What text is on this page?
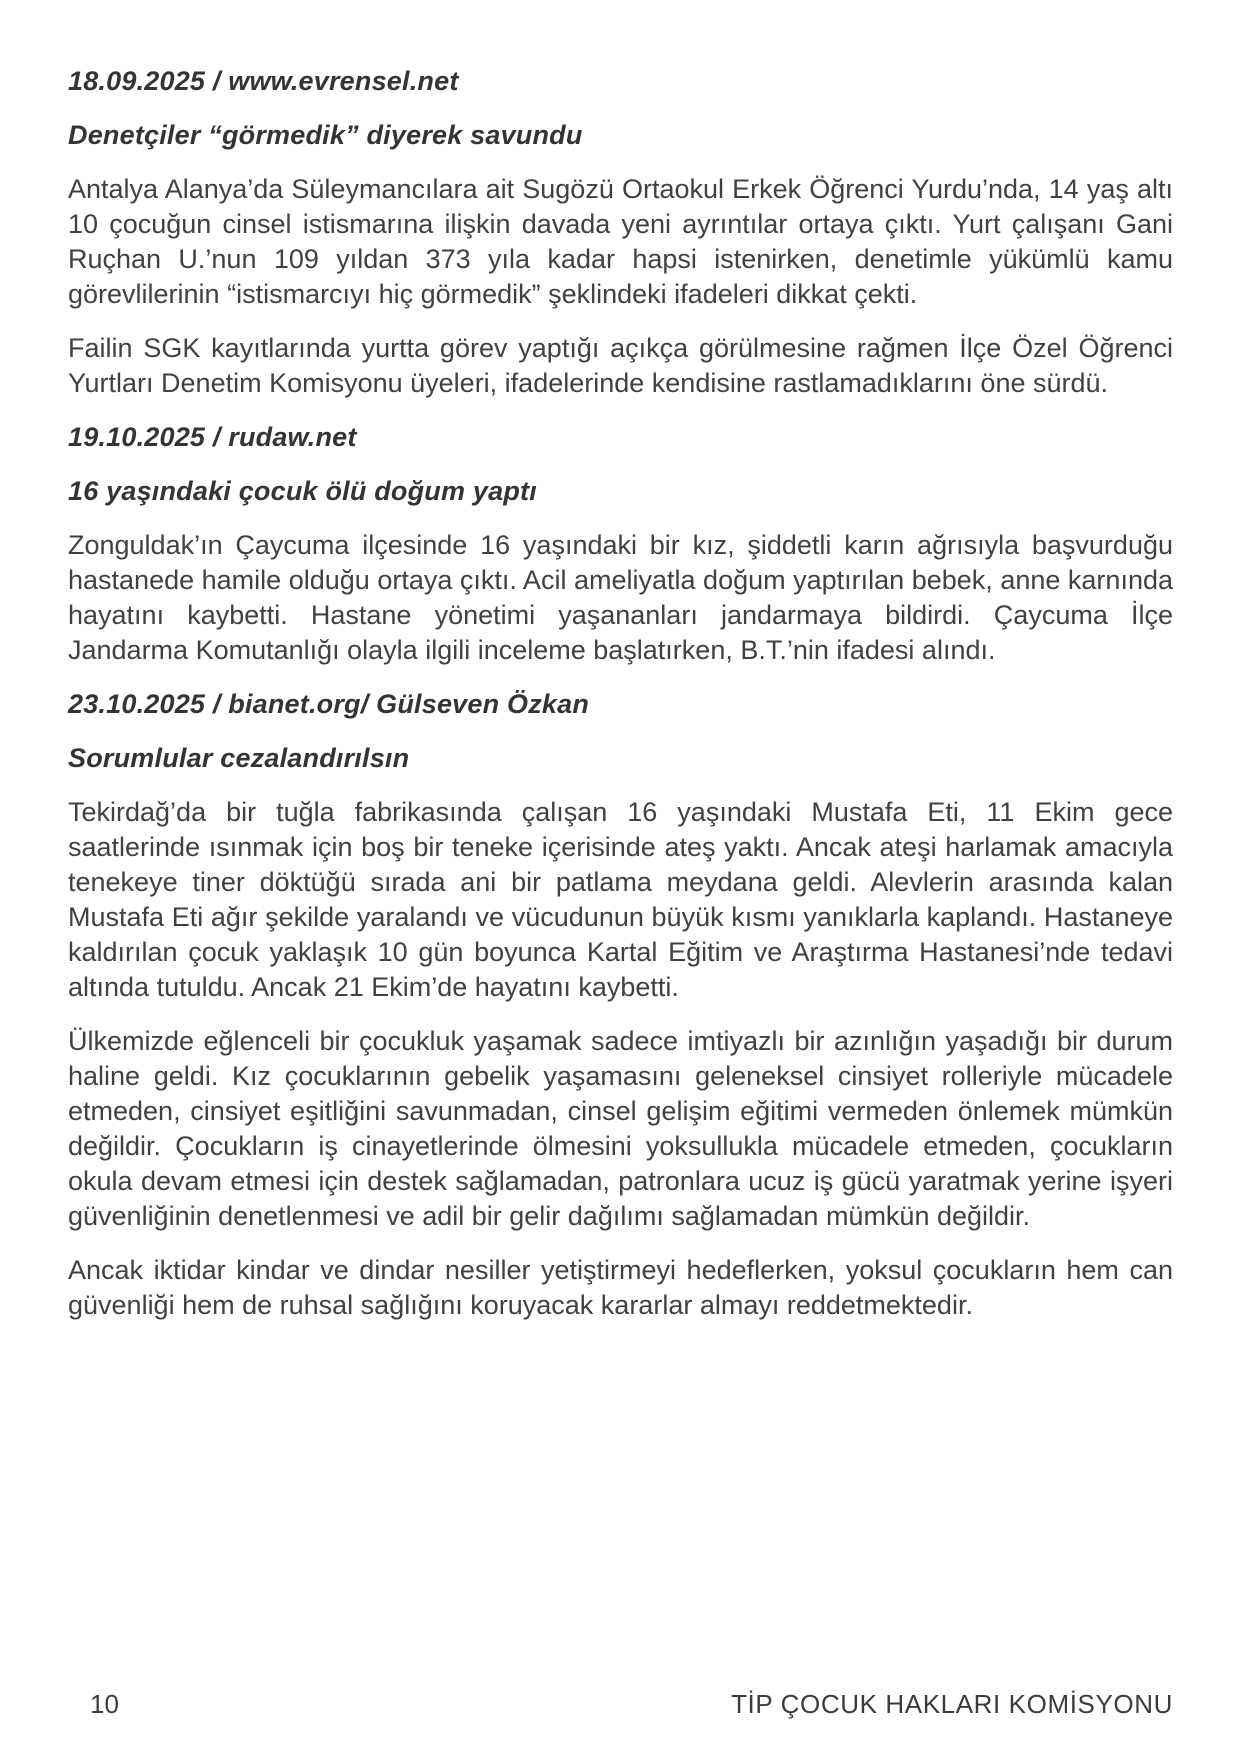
18.09.2025 / www.evrensel.net
Denetçiler “görmedik” diyerek savundu

Antalya Alanya’da Süleymancılara ait Sugözü Ortaokul Erkek Öğrenci Yurdu’nda, 14 yaş altı 10 çocuğun cinsel istismarına ilişkin davada yeni ayrıntılar ortaya çıktı. Yurt çalışanı Gani Ruçhan U.’nun 109 yıldan 373 yıla kadar hapsi istenirken, denetimle yükümlü kamu görevlilerinin “istismarcıyı hiç görmedik” şeklindeki ifadeleri dikkat çekti.

Failin SGK kayıtlarında yurtta görev yaptığı açıkça görülmesine rağmen İlçe Özel Öğrenci Yurtları Denetim Komisyonu üyeleri, ifadelerinde kendisine rastlamadıklarını öne sürdü.

19.10.2025 / rudaw.net
16 yaşındaki çocuk ölü doğum yaptı

Zonguldak’ın Çaycuma ilçesinde 16 yaşındaki bir kız, şiddetli karın ağrısıyla başvurduğu hastanede hamile olduğu ortaya çıktı. Acil ameliyatla doğum yaptırılan bebek, anne karnında hayatını kaybetti. Hastane yönetimi yaşananları jandarmaya bildirdi. Çaycuma İlçe Jandarma Komutanlığı olayla ilgili inceleme başlatırken, B.T.’nin ifadesi alındı.

23.10.2025 / bianet.org/ Gülseven Özkan
Sorumlular cezalandırılsın

Tekirdağ’da bir tuğla fabrikasında çalışan 16 yaşındaki Mustafa Eti, 11 Ekim gece saatlerinde ısınmak için boş bir teneke içerisinde ateş yaktı. Ancak ateşi harlamak amacıyla tenekeye tiner döktüğü sırada ani bir patlama meydana geldi. Alevlerin arasında kalan Mustafa Eti ağır şekilde yaralandı ve vücudunun büyük kısmı yanıklarla kaplandı. Hastaneye kaldırılan çocuk yaklaşık 10 gün boyunca Kartal Eğitim ve Araştırma Hastanesi’nde tedavi altında tutuldu. Ancak 21 Ekim’de hayatını kaybetti.

Ülkemizde eğlenceli bir çocukluk yaşamak sadece imtiyazlı bir azınlığın yaşadığı bir durum haline geldi. Kız çocuklarının gebelik yaşamasını geleneksel cinsiyet rolleriyle mücadele etmeden, cinsiyet eşitliğini savunmadan, cinsel gelişim eğitimi vermeden önlemek mümkün değildir. Çocukların iş cinayetlerinde ölmesini yoksullukla mücadele etmeden, çocukların okula devam etmesi için destek sağlamadan, patronlara ucuz iş gücü yaratmak yerine işyeri güvenliğinin denetlenmesi ve adil bir gelir dağılımı sağlamadan mümkün değildir.

Ancak iktidar kindar ve dindar nesiller yetiştirmeyi hedeflerken, yoksul çocukların hem can güvenliği hem de ruhsal sağlığını koruyacak kararlar almayı reddetmektedir.

10	TİP ÇOCUK HAKLARI KOMİSYONU
